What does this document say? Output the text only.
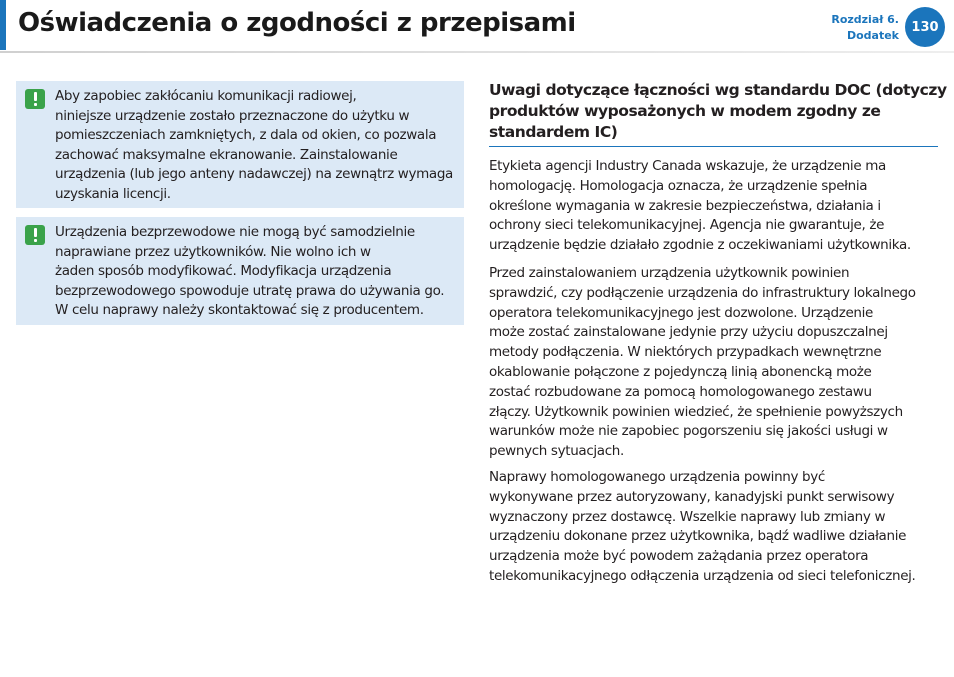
Oświadczenia o zgodności z przepisami	Rozdział 6.
Dodatek
130
Aby zapobiec zakłócaniu komunikacji radiowej,
niniejsze urządzenie zostało przeznaczone do użytku w
pomieszczeniach zamkniętych, z dala od okien, co pozwala
zachować maksymalne ekranowanie. Zainstalowanie
urządzenia (lub jego anteny nadawczej) na zewnątrz wymaga
uzyskania licencji.
Urządzenia bezprzewodowe nie mogą być samodzielnie
naprawiane przez użytkowników. Nie wolno ich w
żaden sposób modyfikować. Modyfikacja urządzenia
bezprzewodowego spowoduje utratę prawa do używania go.
W celu naprawy należy skontaktować się z producentem.
Uwagi dotyczące łączności wg standardu DOC (dotyczy
produktów wyposażonych w modem zgodny ze
standardem IC)
Etykieta agencji Industry Canada wskazuje, że urządzenie ma
homologację. Homologacja oznacza, że urządzenie spełnia
określone wymagania w zakresie bezpieczeństwa, działania i
ochrony sieci telekomunikacyjnej. Agencja nie gwarantuje, że
urządzenie będzie działało zgodnie z oczekiwaniami użytkownika.
Przed zainstalowaniem urządzenia użytkownik powinien
sprawdzić, czy podłączenie urządzenia do infrastruktury lokalnego
operatora telekomunikacyjnego jest dozwolone. Urządzenie
może zostać zainstalowane jedynie przy użyciu dopuszczalnej
metody podłączenia. W niektórych przypadkach wewnętrzne
okablowanie połączone z pojedynczą linią abonencką może
zostać rozbudowane za pomocą homologowanego zestawu
złączy. Użytkownik powinien wiedzieć, że spełnienie powyższych
warunków może nie zapobiec pogorszeniu się jakości usługi w
pewnych sytuacjach.
Naprawy homologowanego urządzenia powinny być
wykonywane przez autoryzowany, kanadyjski punkt serwisowy
wyznaczony przez dostawcę. Wszelkie naprawy lub zmiany w
urządzeniu dokonane przez użytkownika, bądź wadliwe działanie
urządzenia może być powodem zażądania przez operatora
telekomunikacyjnego odłączenia urządzenia od sieci telefonicznej.
